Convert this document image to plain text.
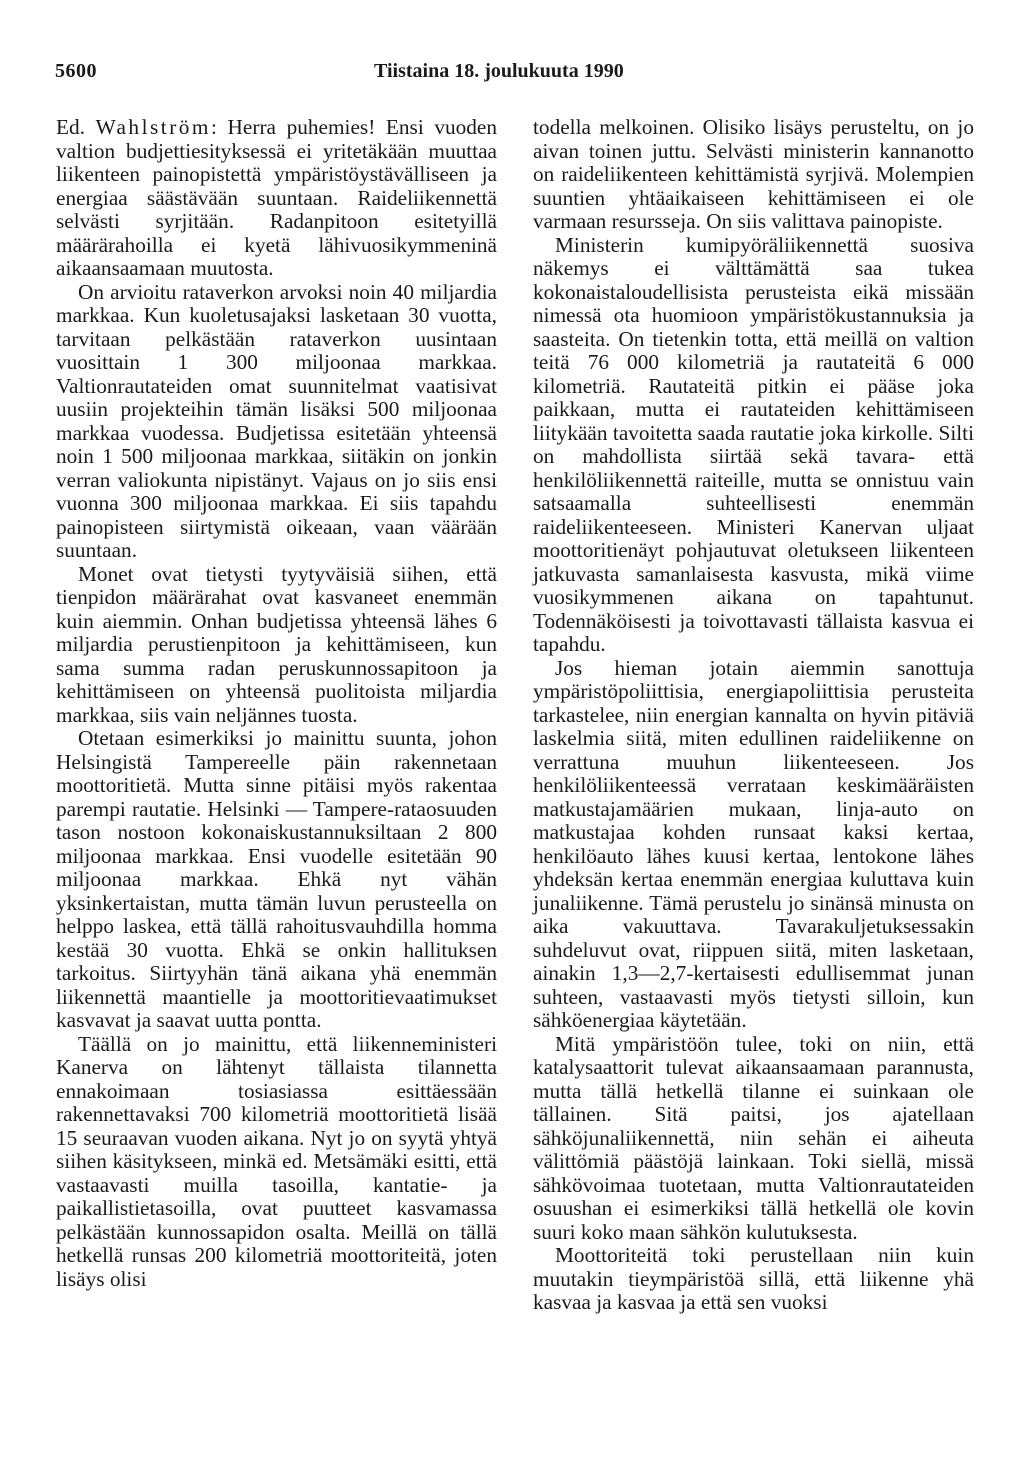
5600	Tiistaina 18. joulukuuta 1990

Ed. Wahlström: Herra puhemies! Ensi vuoden valtion budjettiesityksessä ei yritetäkään muuttaa liikenteen painopistettä ympäristöystävälliseen ja energiaa säästävään suuntaan. Raideliikennettä selvästi syrjitään. Radanpitoon esitetyillä määrärahoilla ei kyetä lähivuosikymmeninä aikaansaamaan muutosta.

On arvioitu rataverkon arvoksi noin 40 miljardia markkaa. Kun kuoletusajaksi lasketaan 30 vuotta, tarvitaan pelkästään rataverkon uusintaan vuosittain 1 300 miljoonaa markkaa. Valtionrautateiden omat suunnitelmat vaatisivat uusiin projekteihin tämän lisäksi 500 miljoonaa markkaa vuodessa. Budjetissa esitetään yhteensä noin 1 500 miljoonaa markkaa, siitäkin on jonkin verran valiokunta nipistänyt. Vajaus on jo siis ensi vuonna 300 miljoonaa markkaa. Ei siis tapahdu painopisteen siirtymistä oikeaan, vaan väärään suuntaan.

Monet ovat tietysti tyytyväisiä siihen, että tienpidon määrärahat ovat kasvaneet enemmän kuin aiemmin. Onhan budjetissa yhteensä lähes 6 miljardia perustienpitoon ja kehittämiseen, kun sama summa radan peruskunnossapitoon ja kehittämiseen on yhteensä puolitoista miljardia markkaa, siis vain neljännes tuosta.

Otetaan esimerkiksi jo mainittu suunta, johon Helsingistä Tampereelle päin rakennetaan moottoritietä. Mutta sinne pitäisi myös rakentaa parempi rautatie. Helsinki — Tampere-rataosuuden tason nostoon kokonaiskustannuksiltaan 2 800 miljoonaa markkaa. Ensi vuodelle esitetään 90 miljoonaa markkaa. Ehkä nyt vähän yksinkertaistan, mutta tämän luvun perusteella on helppo laskea, että tällä rahoitusvauhdilla homma kestää 30 vuotta. Ehkä se onkin hallituksen tarkoitus. Siirtyyhän tänä aikana yhä enemmän liikennettä maantielle ja moottoritievaatimukset kasvavat ja saavat uutta pontta.

Täällä on jo mainittu, että liikenneministeri Kanerva on lähtenyt tällaista tilannetta ennakoimaan tosiasiassa esittäessään rakennettavaksi 700 kilometriä moottoritietä lisää 15 seuraavan vuoden aikana. Nyt jo on syytä yhtyä siihen käsitykseen, minkä ed. Metsämäki esitti, että vastaavasti muilla tasoilla, kantatie- ja paikallistietasoilla, ovat puutteet kasvamassa pelkästään kunnossapidon osalta. Meillä on tällä hetkellä runsas 200 kilometriä moottoriteitä, joten lisäys olisi

todella melkoinen. Olisiko lisäys perusteltu, on jo aivan toinen juttu. Selvästi ministerin kannanotto on raideliikenteen kehittämistä syrjivä. Molempien suuntien yhtäaikaiseen kehittämiseen ei ole varmaan resursseja. On siis valittava painopiste.

Ministerin kumipyöräliikennettä suosiva näkemys ei välttämättä saa tukea kokonaistaloudellisista perusteista eikä missään nimessä ota huomioon ympäristökustannuksia ja saasteita. On tietenkin totta, että meillä on valtion teitä 76 000 kilometriä ja rautateitä 6 000 kilometriä. Rautateitä pitkin ei pääse joka paikkaan, mutta ei rautateiden kehittämiseen liitykään tavoitetta saada rautatie joka kirkolle. Silti on mahdollista siirtää sekä tavara- että henkilöliikennettä raiteille, mutta se onnistuu vain satsaamalla suhteellisesti enemmän raideliikenteeseen. Ministeri Kanervan uljaat moottoritienäyt pohjautuvat oletukseen liikenteen jatkuvasta samanlaisesta kasvusta, mikä viime vuosikymmenen aikana on tapahtunut. Todennäköisesti ja toivottavasti tällaista kasvua ei tapahdu.

Jos hieman jotain aiemmin sanottuja ympäristöpoliittisia, energiapoliittisia perusteita tarkastelee, niin energian kannalta on hyvin pitäviä laskelmia siitä, miten edullinen raideliikenne on verrattuna muuhun liikenteeseen. Jos henkilöliikenteessä verrataan keskimääräisten matkustajamäärien mukaan, linja-auto on matkustajaa kohden runsaat kaksi kertaa, henkilöauto lähes kuusi kertaa, lentokone lähes yhdeksän kertaa enemmän energiaa kuluttava kuin junaliikenne. Tämä perustelu jo sinänsä minusta on aika vakuuttava. Tavarakuljetuksessakin suhdeluvut ovat, riippuen siitä, miten lasketaan, ainakin 1,3—2,7-kertaisesti edullisemmat junan suhteen, vastaavasti myös tietysti silloin, kun sähköenergiaa käytetään.

Mitä ympäristöön tulee, toki on niin, että katalysaattorit tulevat aikaansaamaan parannusta, mutta tällä hetkellä tilanne ei suinkaan ole tällainen. Sitä paitsi, jos ajatellaan sähköjunaliikennettä, niin sehän ei aiheuta välittömiä päästöjä lainkaan. Toki siellä, missä sähkövoimaa tuotetaan, mutta Valtionrautateiden osuushan ei esimerkiksi tällä hetkellä ole kovin suuri koko maan sähkön kulutuksesta.

Moottoriteitä toki perustellaan niin kuin muutakin tieympäristöä sillä, että liikenne yhä kasvaa ja kasvaa ja että sen vuoksi
